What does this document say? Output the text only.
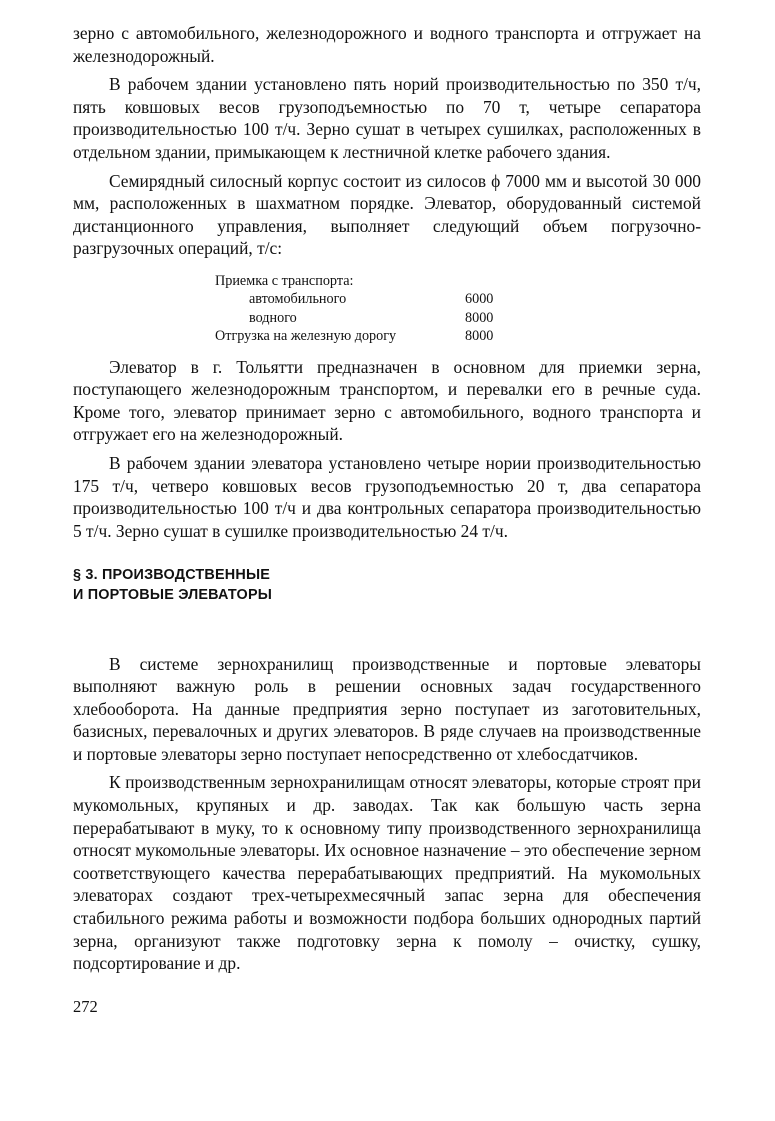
зерно с автомобильного, железнодорожного и водного транспорта и отгружает на железнодорожный.

В рабочем здании установлено пять норий производительностью по 350 т/ч, пять ковшовых весов грузоподъемностью по 70 т, четыре сепаратора производительностью 100 т/ч. Зерно сушат в четырех сушилках, расположенных в отдельном здании, примыкающем к лестничной клетке рабочего здания.

Семирядный силосный корпус состоит из силосов ϕ 7000 мм и высотой 30 000 мм, расположенных в шахматном порядке. Элеватор, оборудованный системой дистанционного управления, выполняет следующий объем погрузочно-разгрузочных операций, т/с:

Приемка с транспорта:
автомобильного	6000
водного	8000
Отгрузка на железную дорогу	8000

Элеватор в г. Тольятти предназначен в основном для приемки зерна, поступающего железнодорожным транспортом, и перевалки его в речные суда. Кроме того, элеватор принимает зерно с автомобильного, водного транспорта и отгружает его на железнодорожный.

В рабочем здании элеватора установлено четыре нории производительностью 175 т/ч, четверо ковшовых весов грузоподъемностью 20 т, два сепаратора производительностью 100 т/ч и два контрольных сепаратора производительностью 5 т/ч. Зерно сушат в сушилке производительностью 24 т/ч.

§ 3. ПРОИЗВОДСТВЕННЫЕ
И ПОРТОВЫЕ ЭЛЕВАТОРЫ

В системе зернохранилищ производственные и портовые элеваторы выполняют важную роль в решении основных задач государственного хлебооборота. На данные предприятия зерно поступает из заготовительных, базисных, перевалочных и других элеваторов. В ряде случаев на производственные и портовые элеваторы зерно поступает непосредственно от хлебосдатчиков.

К производственным зернохранилищам относят элеваторы, которые строят при мукомольных, крупяных и др. заводах. Так как большую часть зерна перерабатывают в муку, то к основному типу производственного зернохранилища относят мукомольные элеваторы. Их основное назначение – это обеспечение зерном соответствующего качества перерабатывающих предприятий. На мукомольных элеваторах создают трех-четырехмесячный запас зерна для обеспечения стабильного режима работы и возможности подбора больших однородных партий зерна, организуют также подготовку зерна к помолу – очистку, сушку, подсортирование и др.

272
